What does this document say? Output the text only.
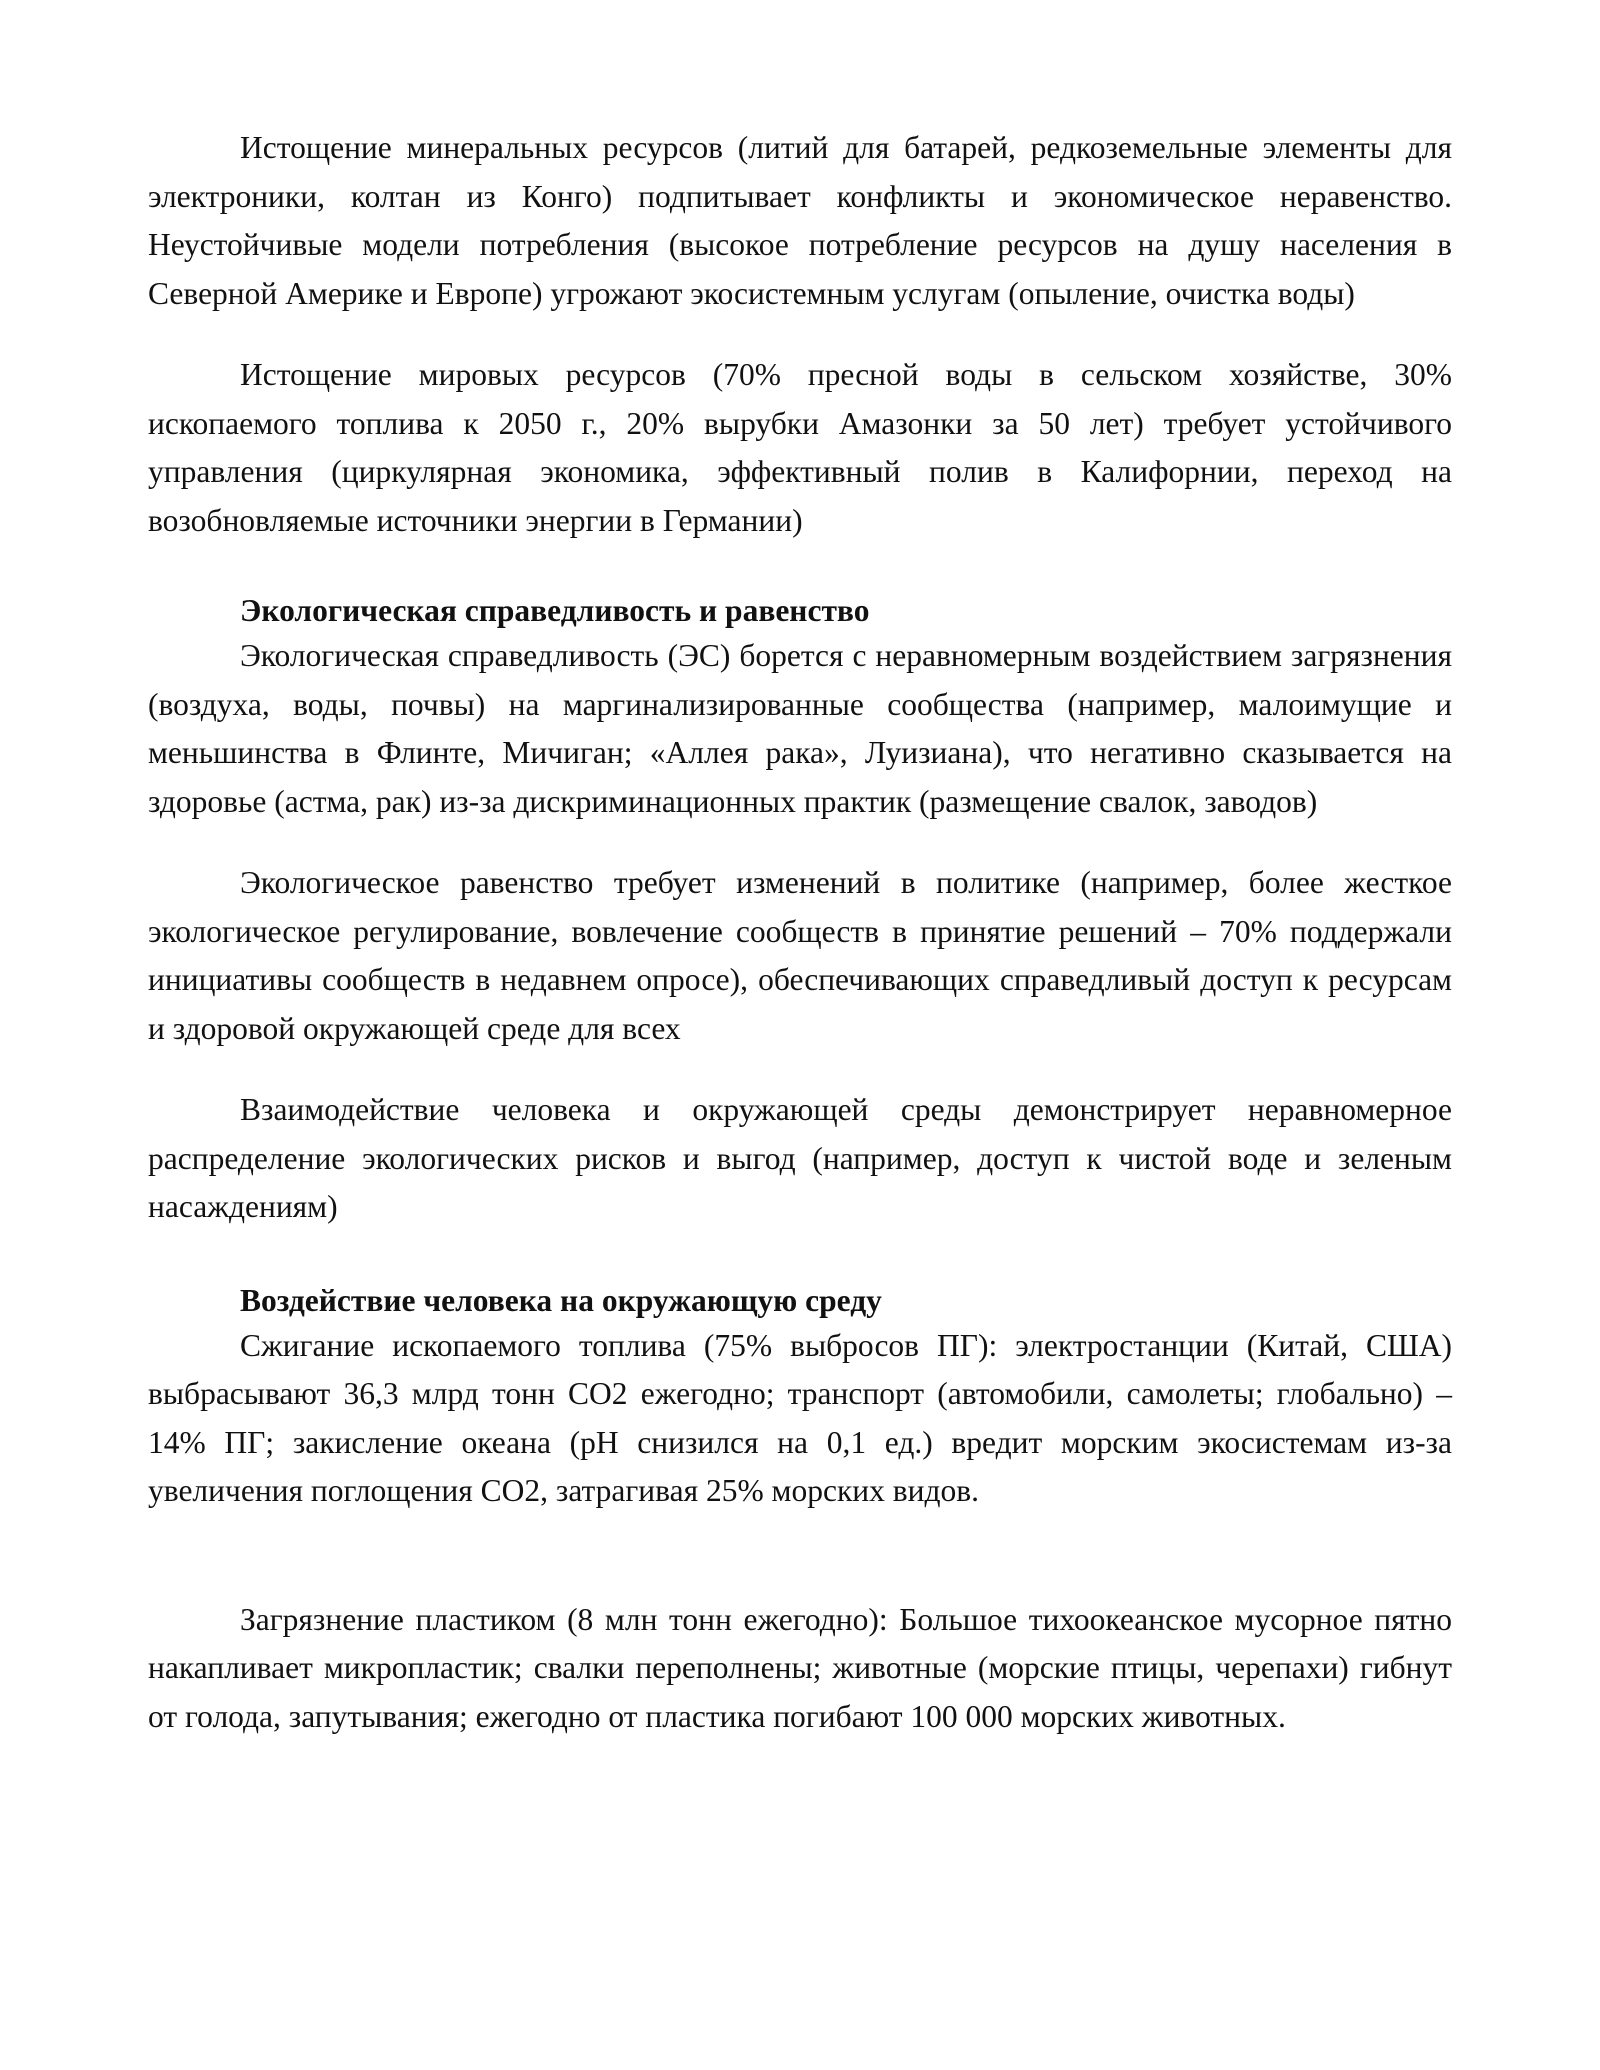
Истощение минеральных ресурсов (литий для батарей, редкоземельные элементы для электроники, колтан из Конго) подпитывает конфликты и экономическое неравенство. Неустойчивые модели потребления (высокое потребление ресурсов на душу населения в Северной Америке и Европе) угрожают экосистемным услугам (опыление, очистка воды)

Истощение мировых ресурсов (70% пресной воды в сельском хозяйстве, 30% ископаемого топлива к 2050 г., 20% вырубки Амазонки за 50 лет) требует устойчивого управления (циркулярная экономика, эффективный полив в Калифорнии, переход на возобновляемые источники энергии в Германии)

Экологическая справедливость и равенство

Экологическая справедливость (ЭС) борется с неравномерным воздействием загрязнения (воздуха, воды, почвы) на маргинализированные сообщества (например, малоимущие и меньшинства в Флинте, Мичиган; «Аллея рака», Луизиана), что негативно сказывается на здоровье (астма, рак) из-за дискриминационных практик (размещение свалок, заводов)

Экологическое равенство требует изменений в политике (например, более жесткое экологическое регулирование, вовлечение сообществ в принятие решений – 70% поддержали инициативы сообществ в недавнем опросе), обеспечивающих справедливый доступ к ресурсам и здоровой окружающей среде для всех

Взаимодействие человека и окружающей среды демонстрирует неравномерное распределение экологических рисков и выгод (например, доступ к чистой воде и зеленым насаждениям)

Воздействие человека на окружающую среду

Сжигание ископаемого топлива (75% выбросов ПГ): электростанции (Китай, США) выбрасывают 36,3 млрд тонн CO2 ежегодно; транспорт (автомобили, самолеты; глобально) – 14% ПГ; закисление океана (pH снизился на 0,1 ед.) вредит морским экосистемам из-за увеличения поглощения CO2, затрагивая 25% морских видов.

Загрязнение пластиком (8 млн тонн ежегодно): Большое тихоокеанское мусорное пятно накапливает микропластик; свалки переполнены; животные (морские птицы, черепахи) гибнут от голода, запутывания; ежегодно от пластика погибают 100 000 морских животных.
